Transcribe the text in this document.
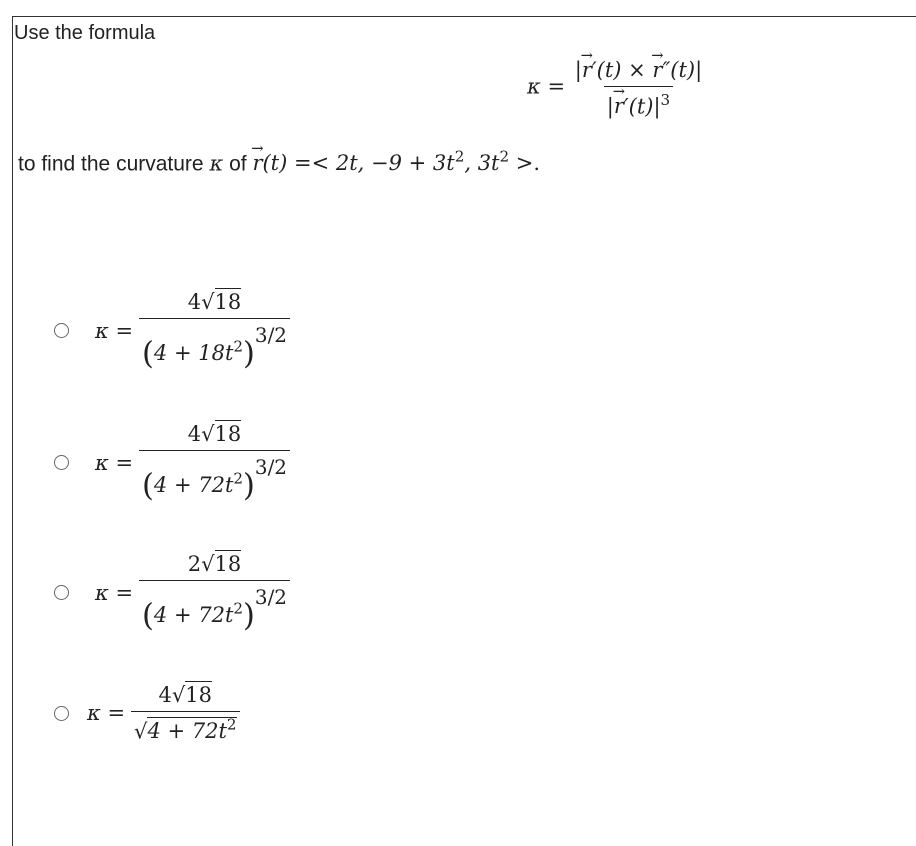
Use the formula
$\kappa = \frac{|\to r'(t) \times \to r''(t)|}{|\to r'(t)|^3}$
to find the curvature κ of → r(t) =< 2t, $-9 + 3t^2$, $3t^2$ >.
$\kappa = \frac{4√18}{(4 + 18t^2)3/2}$
$\kappa = \frac{4√18}{(4 + 72t^2)3/2}$
$\kappa = \frac{2√18}{(4 + 72t^2)3/2}$
$\kappa = \frac{4√18}{√4 + 72t^2}$
